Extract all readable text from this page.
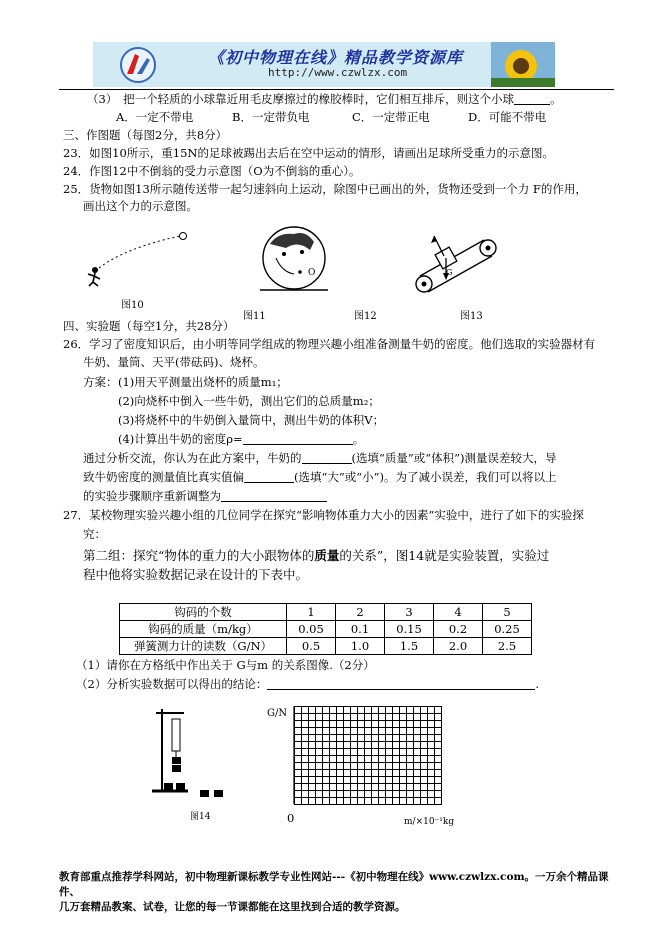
《初中物理在线》精品教学资源库
http://www.czwlzx.com
（3）　把一个轻质的小球靠近用毛皮摩擦过的橡胶棒时，它们相互排斥，则这个小球	。
A．一定不带电	B．一定带负电	C．一定带正电	D．可能不带电
三、作图题（每图2分，共8分）
23．如图10所示，重15N的足球被踢出去后在空中运动的情形，请画出足球所受重力的示意图。
24．作图12中不倒翁的受力示意图（O为不倒翁的重心）。
25．货物如图13所示随传送带一起匀速斜向上运动，除图中已画出的外，货物还受到一个力 F的作用，
画出这个力的示意图。
图10
O
图11	图12
G
图13
四、实验题（每空1分，共28分）
26．学习了密度知识后，由小明等同学组成的物理兴趣小组准备测量牛奶的密度。他们选取的实验器材有
牛奶、量筒、天平(带砝码)、烧杯。
方案： (1)用天平测量出烧杯的质量m₁；
(2)向烧杯中倒入一些牛奶，测出它们的总质量m₂；
(3)将烧杯中的牛奶倒入量筒中，测出牛奶的体积V；
(4)计算出牛奶的密度ρ=	。
通过分析交流，你认为在此方案中，牛奶的	(选填“质量”或“体积”)测量误差较大，导
致牛奶密度的测量值比真实值偏	(选填“大”或“小”)。为了减小误差，我们可以将以上
的实验步骤顺序重新调整为
27．某校物理实验兴趣小组的几位同学在探究“影响物体重力大小的因素”实验中，进行了如下的实验探
究：
第二组：探究“物体的重力的大小跟物体的质量的关系”，图14就是实验装置，实验过
程中他将实验数据记录在设计的下表中。
钩码的个数	1	2	3	4	5
钩码的质量（m/kg）	0.05	0.1	0.15	0.2	0.25
弹簧测力计的读数（G/N）	0.5	1.0	1.5	2.0	2.5
（1）请你在方格纸中作出关于 G与m 的关系图像.（2分）
（2）分析实验数据可以得出的结论：	.
图14
G/N
0	m/×10⁻¹kg
教育部重点推荐学科网站，初中物理新课标教学专业性网站---《初中物理在线》www.czwlzx.com。一万余个精品课件、
几万套精品教案、试卷，让您的每一节课都能在这里找到合适的教学资源。
